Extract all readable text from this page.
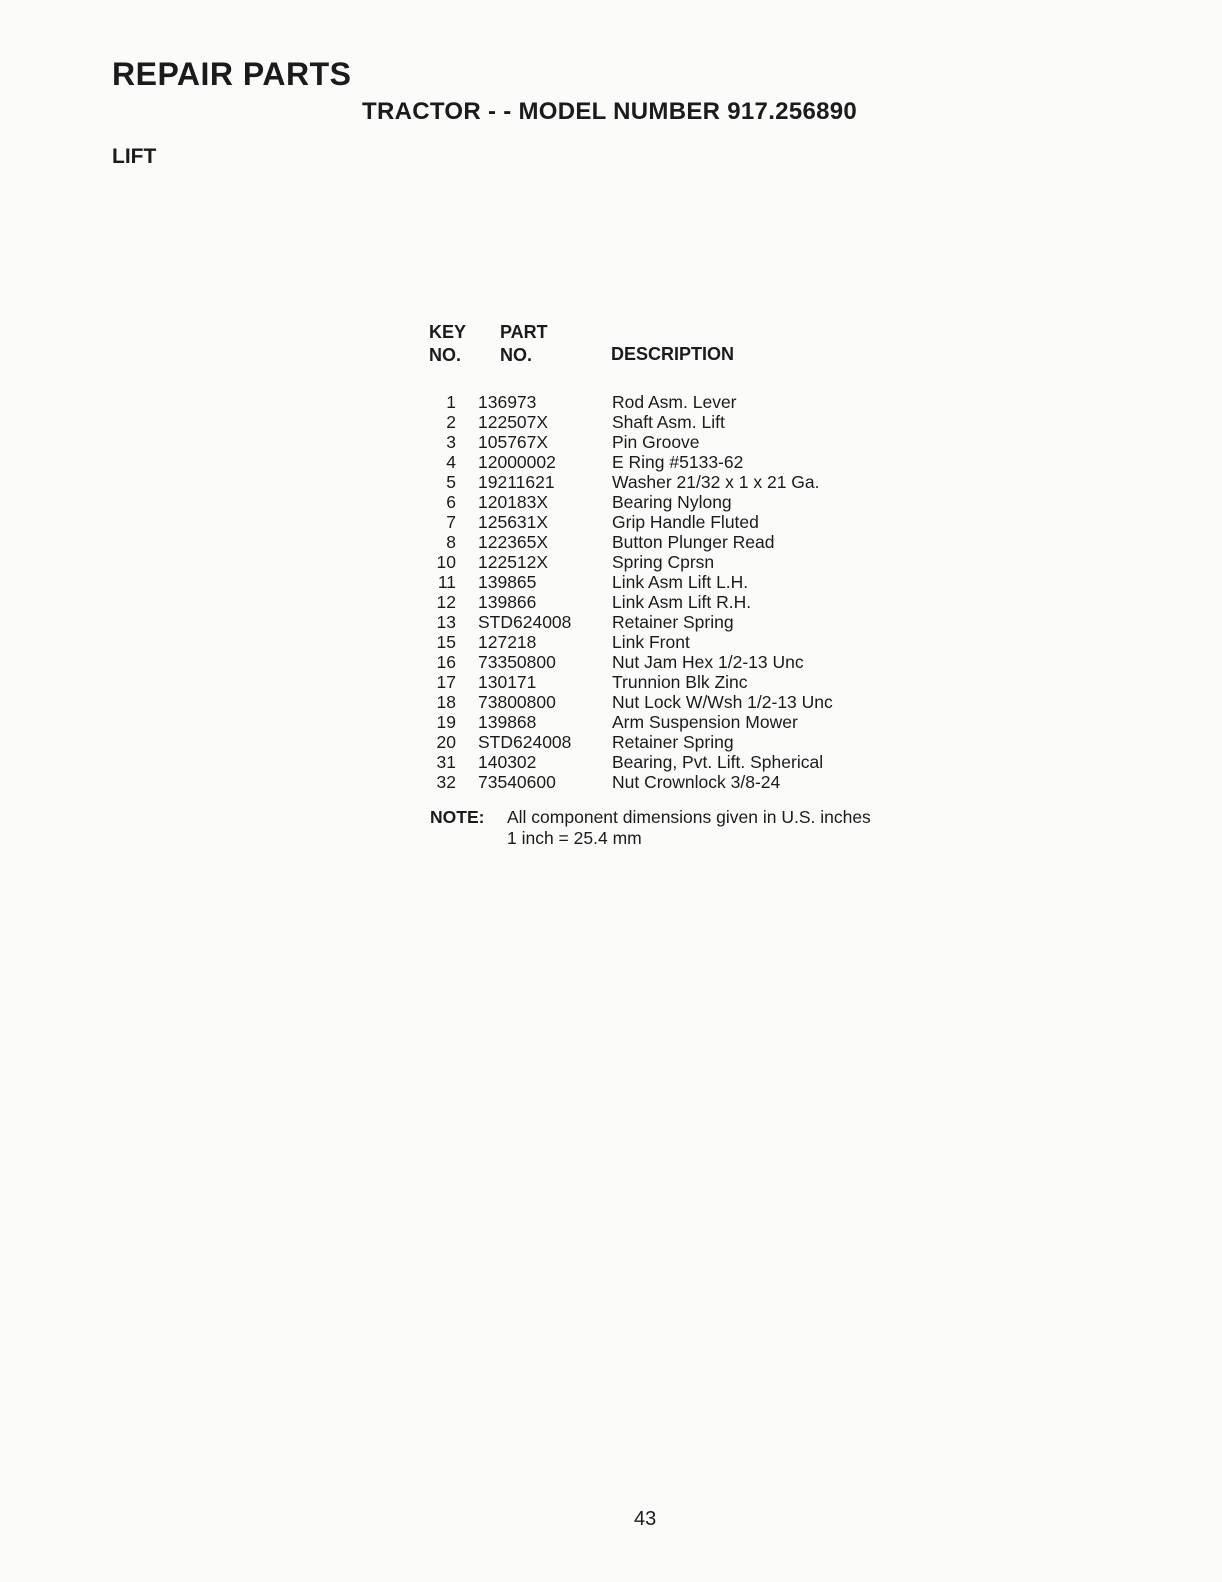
REPAIR PARTS
TRACTOR - - MODEL NUMBER 917.256890
LIFT
KEY
NO.
PART
NO.	DESCRIPTION
1 136973	Rod Asm. Lever
2 122507X	Shaft Asm. Lift
3 105767X	Pin Groove
4 12000002	E Ring #5133-62
5 19211621	Washer 21/32 x 1 x 21 Ga.
6 120183X	Bearing Nylong
7 125631X	Grip Handle Fluted
8 122365X	Button Plunger Read
10 122512X	Spring Cprsn
11 139865	Link Asm Lift L.H.
12 139866	Link Asm Lift R.H.
13 STD624008 Retainer Spring
15 127218	Link Front
16 73350800	Nut Jam Hex 1/2-13 Unc
17 130171	Trunnion Blk Zinc
18 73800800	Nut Lock W/Wsh 1/2-13 Unc
19 139868	Arm Suspension Mower
20 STD624008 Retainer Spring
31 140302	Bearing, Pvt. Lift. Spherical
32 73540600	Nut Crownlock 3/8-24
NOTE: All component dimensions given in U.S. inches
1 inch = 25.4 mm
43
